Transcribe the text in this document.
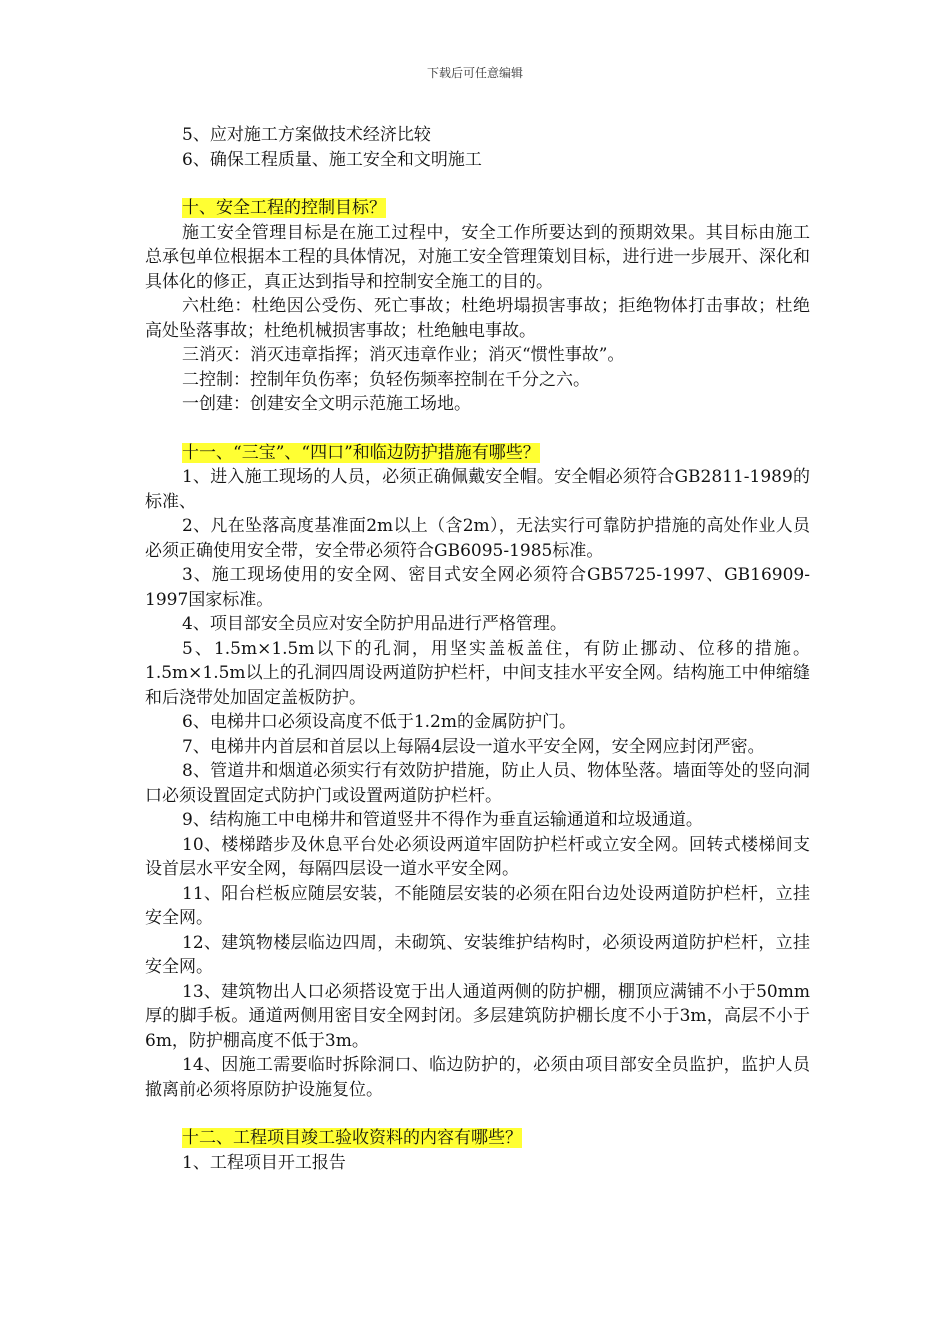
下载后可任意编辑

5、应对施工方案做技术经济比较

6、确保工程质量、施工安全和文明施工

十、安全工程的控制目标？

施工安全管理目标是在施工过程中，安全工作所要达到的预期效果。其目标由施工总承包单位根据本工程的具体情况，对施工安全管理策划目标，进行进一步展开、深化和具体化的修正，真正达到指导和控制安全施工的目的。

六杜绝：杜绝因公受伤、死亡事故；杜绝坍塌损害事故；拒绝物体打击事故；杜绝高处坠落事故；杜绝机械损害事故；杜绝触电事故。

三消灭：消灭违章指挥；消灭违章作业；消灭“惯性事故”。

二控制：控制年负伤率；负轻伤频率控制在千分之六。

一创建：创建安全文明示范施工场地。

十一、“三宝”、“四口”和临边防护措施有哪些？

1、进入施工现场的人员，必须正确佩戴安全帽。安全帽必须符合GB2811-1989的标准、

2、凡在坠落高度基准面2m以上（含2m），无法实行可靠防护措施的高处作业人员必须正确使用安全带，安全带必须符合GB6095-1985标准。

3、施工现场使用的安全网、密目式安全网必须符合GB5725-1997、GB16909-1997国家标准。

4、项目部安全员应对安全防护用品进行严格管理。

5、1.5m×1.5m以下的孔洞，用坚实盖板盖住，有防止挪动、位移的措施。1.5m×1.5m以上的孔洞四周设两道防护栏杆，中间支挂水平安全网。结构施工中伸缩缝和后浇带处加固定盖板防护。

6、电梯井口必须设高度不低于1.2m的金属防护门。

7、电梯井内首层和首层以上每隔4层设一道水平安全网，安全网应封闭严密。

8、管道井和烟道必须实行有效防护措施，防止人员、物体坠落。墙面等处的竖向洞口必须设置固定式防护门或设置两道防护栏杆。

9、结构施工中电梯井和管道竖井不得作为垂直运输通道和垃圾通道。

10、楼梯踏步及休息平台处必须设两道牢固防护栏杆或立安全网。回转式楼梯间支设首层水平安全网，每隔四层设一道水平安全网。

11、阳台栏板应随层安装，不能随层安装的必须在阳台边处设两道防护栏杆，立挂安全网。

12、建筑物楼层临边四周，未砌筑、安装维护结构时，必须设两道防护栏杆，立挂安全网。

13、建筑物出人口必须搭设宽于出人通道两侧的防护棚，棚顶应满铺不小于50mm厚的脚手板。通道两侧用密目安全网封闭。多层建筑防护棚长度不小于3m，高层不小于6m，防护棚高度不低于3m。

14、因施工需要临时拆除洞口、临边防护的，必须由项目部安全员监护，监护人员撤离前必须将原防护设施复位。

十二、工程项目竣工验收资料的内容有哪些？

1、工程项目开工报告
